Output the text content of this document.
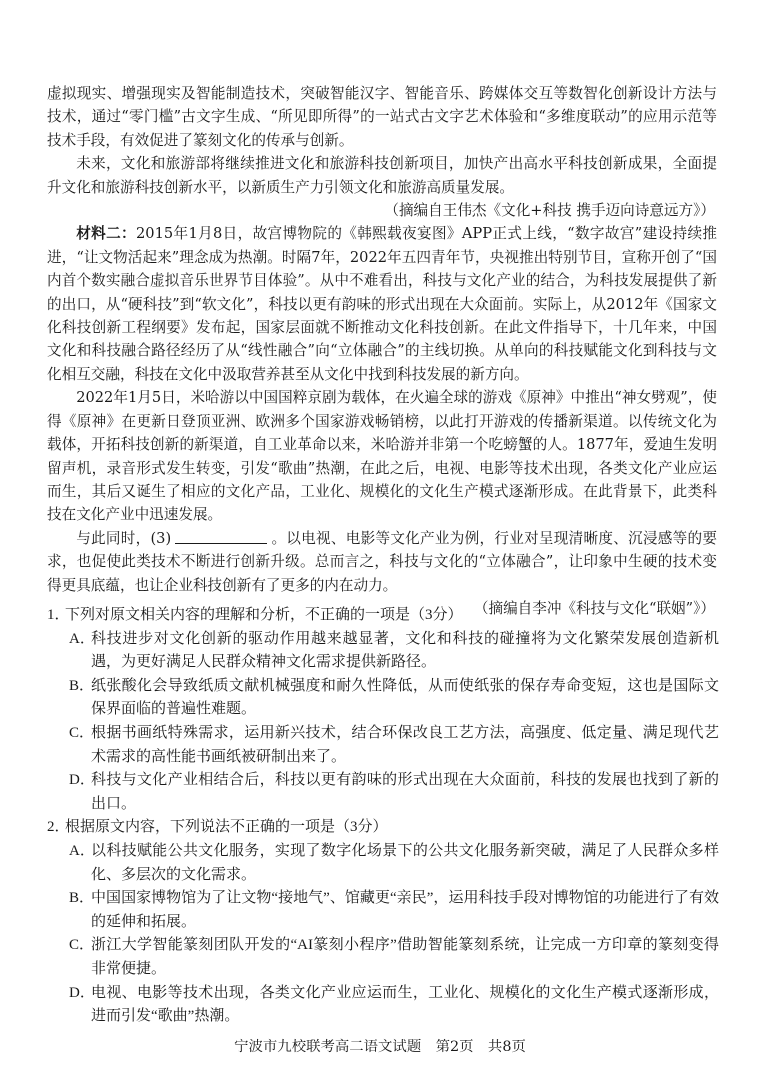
虚拟现实、增强现实及智能制造技术，突破智能汉字、智能音乐、跨媒体交互等数智化创新设计方法与技术，通过“零门槛”古文字生成、“所见即所得”的一站式古文字艺术体验和“多维度联动”的应用示范等技术手段，有效促进了篆刻文化的传承与创新。

未来，文化和旅游部将继续推进文化和旅游科技创新项目，加快产出高水平科技创新成果，全面提升文化和旅游科技创新水平，以新质生产力引领文化和旅游高质量发展。

（摘编自王伟杰《文化+科技 携手迈向诗意远方》）

材料二：2015年1月8日，故宫博物院的《韩熙载夜宴图》APP正式上线，“数字故宫”建设持续推进，“让文物活起来”理念成为热潮。时隔7年，2022年五四青年节，央视推出特别节目，宣称开创了“国内首个数实融合虚拟音乐世界节目体验”。从中不难看出，科技与文化产业的结合，为科技发展提供了新的出口，从“硬科技”到“软文化”，科技以更有韵味的形式出现在大众面前。实际上，从2012年《国家文化科技创新工程纲要》发布起，国家层面就不断推动文化科技创新。在此文件指导下，十几年来，中国文化和科技融合路径经历了从“线性融合”向“立体融合”的主线切换。从单向的科技赋能文化到科技与文化相互交融，科技在文化中汲取营养甚至从文化中找到科技发展的新方向。

2022年1月5日，米哈游以中国国粹京剧为载体，在火遍全球的游戏《原神》中推出“神女劈观”，使得《原神》在更新日登顶亚洲、欧洲多个国家游戏畅销榜，以此打开游戏的传播新渠道。以传统文化为载体，开拓科技创新的新渠道，自工业革命以来，米哈游并非第一个吃螃蟹的人。1877年，爱迪生发明留声机，录音形式发生转变，引发“歌曲”热潮，在此之后，电视、电影等技术出现，各类文化产业应运而生，其后又诞生了相应的文化产品，工业化、规模化的文化生产模式逐渐形成。在此背景下，此类科技在文化产业中迅速发展。

与此同时，(3)	。以电视、电影等文化产业为例，行业对呈现清晰度、沉浸感等的要求，也促使此类技术不断进行创新升级。总而言之，科技与文化的“立体融合”，让印象中生硬的技术变得更具底蕴，也让企业科技创新有了更多的内在动力。

（摘编自李冲《科技与文化“联姻”》）

1．下列对原文相关内容的理解和分析，不正确的一项是（3分）

A．
科技进步对文化创新的驱动作用越来越显著，文化和科技的碰撞将为文化繁荣发展创造新机遇，为更好满足人民群众精神文化需求提供新路径。

B．
纸张酸化会导致纸质文献机械强度和耐久性降低，从而使纸张的保存寿命变短，这也是国际文保界面临的普遍性难题。

C．
根据书画纸特殊需求，运用新兴技术，结合环保改良工艺方法，高强度、低定量、满足现代艺术需求的高性能书画纸被研制出来了。

D．
科技与文化产业相结合后，科技以更有韵味的形式出现在大众面前，科技的发展也找到了新的出口。

2．根据原文内容，下列说法不正确的一项是（3分）

A．
以科技赋能公共文化服务，实现了数字化场景下的公共文化服务新突破，满足了人民群众多样化、多层次的文化需求。

B．
中国国家博物馆为了让文物“接地气”、馆藏更“亲民”，运用科技手段对博物馆的功能进行了有效的延伸和拓展。

C．
浙江大学智能篆刻团队开发的“AI篆刻小程序”借助智能篆刻系统，让完成一方印章的篆刻变得非常便捷。

D．
电视、电影等技术出现，各类文化产业应运而生，工业化、规模化的文化生产模式逐渐形成，进而引发“歌曲”热潮。

宁波市九校联考高二语文试题　第2页　共8页
